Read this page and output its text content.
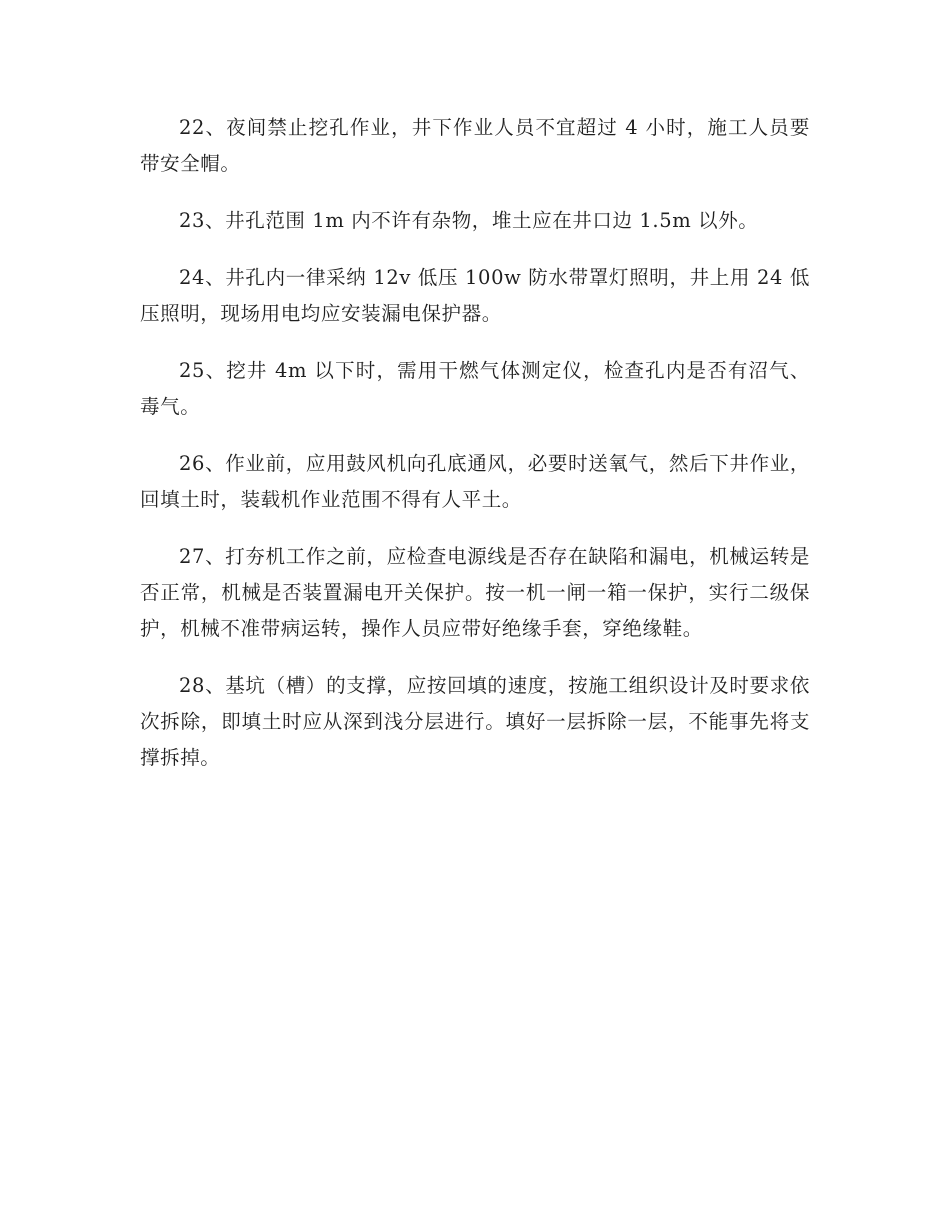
22、夜间禁止挖孔作业，井下作业人员不宜超过 4 小时，施工人员要带安全帽。

23、井孔范围 1m 内不许有杂物，堆土应在井口边 1.5m 以外。

24、井孔内一律采纳 12v 低压 100w 防水带罩灯照明，井上用 24 低压照明，现场用电均应安装漏电保护器。

25、挖井 4m 以下时，需用干燃气体测定仪，检查孔内是否有沼气、毒气。

26、作业前，应用鼓风机向孔底通风，必要时送氧气，然后下井作业，回填土时，装载机作业范围不得有人平土。

27、打夯机工作之前，应检查电源线是否存在缺陷和漏电，机械运转是否正常，机械是否装置漏电开关保护。按一机一闸一箱一保护，实行二级保护，机械不准带病运转，操作人员应带好绝缘手套，穿绝缘鞋。

28、基坑（槽）的支撑，应按回填的速度，按施工组织设计及时要求依次拆除，即填土时应从深到浅分层进行。填好一层拆除一层，不能事先将支撑拆掉。
